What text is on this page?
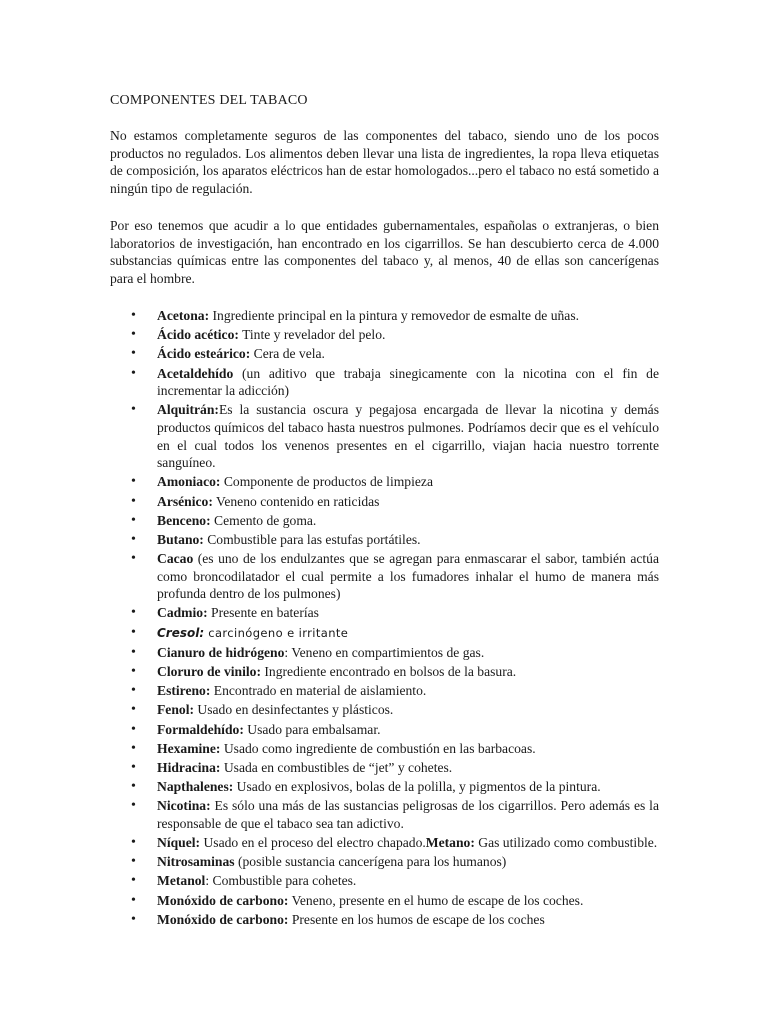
COMPONENTES DEL TABACO

No estamos completamente seguros de las componentes del tabaco, siendo uno de los pocos productos no regulados. Los alimentos deben llevar una lista de ingredientes, la ropa lleva etiquetas de composición, los aparatos eléctricos han de estar homologados...pero el tabaco no está sometido a ningún tipo de regulación.

Por eso tenemos que acudir a lo que entidades gubernamentales, españolas o extranjeras, o bien laboratorios de investigación, han encontrado en los cigarrillos. Se han descubierto cerca de 4.000 substancias químicas entre las componentes del tabaco y, al menos, 40 de ellas son cancerígenas para el hombre.

• Acetona: Ingrediente principal en la pintura y removedor de esmalte de uñas.
• Ácido acético: Tinte y revelador del pelo.
• Ácido esteárico: Cera de vela.
• Acetaldehído (un aditivo que trabaja sinegicamente con la nicotina con el fin de incrementar la adicción)
• Alquitrán:Es la sustancia oscura y pegajosa encargada de llevar la nicotina y demás productos químicos del tabaco hasta nuestros pulmones. Podríamos decir que es el vehículo en el cual todos los venenos presentes en el cigarrillo, viajan hacia nuestro torrente sanguíneo.
• Amoniaco: Componente de productos de limpieza
• Arsénico: Veneno contenido en raticidas
• Benceno: Cemento de goma.
• Butano: Combustible para las estufas portátiles.
• Cacao (es uno de los endulzantes que se agregan para enmascarar el sabor, también actúa como broncodilatador el cual permite a los fumadores inhalar el humo de manera más profunda dentro de los pulmones)
• Cadmio: Presente en baterías
• Cresol: carcinógeno e irritante
• Cianuro de hidrógeno: Veneno en compartimientos de gas.
• Cloruro de vinilo: Ingrediente encontrado en bolsos de la basura.
• Estireno: Encontrado en material de aislamiento.
• Fenol: Usado en desinfectantes y plásticos.
• Formaldehído: Usado para embalsamar.
• Hexamine: Usado como ingrediente de combustión en las barbacoas.
• Hidracina: Usada en combustibles de “jet” y cohetes.
• Napthalenes: Usado en explosivos, bolas de la polilla, y pigmentos de la pintura.
• Nicotina: Es sólo una más de las sustancias peligrosas de los cigarrillos. Pero además es la responsable de que el tabaco sea tan adictivo.
• Níquel: Usado en el proceso del electro chapado.Metano: Gas utilizado como combustible.
• Nitrosaminas (posible sustancia cancerígena para los humanos)
• Metanol: Combustible para cohetes.
• Monóxido de carbono: Veneno, presente en el humo de escape de los coches.
• Monóxido de carbono: Presente en los humos de escape de los coches
